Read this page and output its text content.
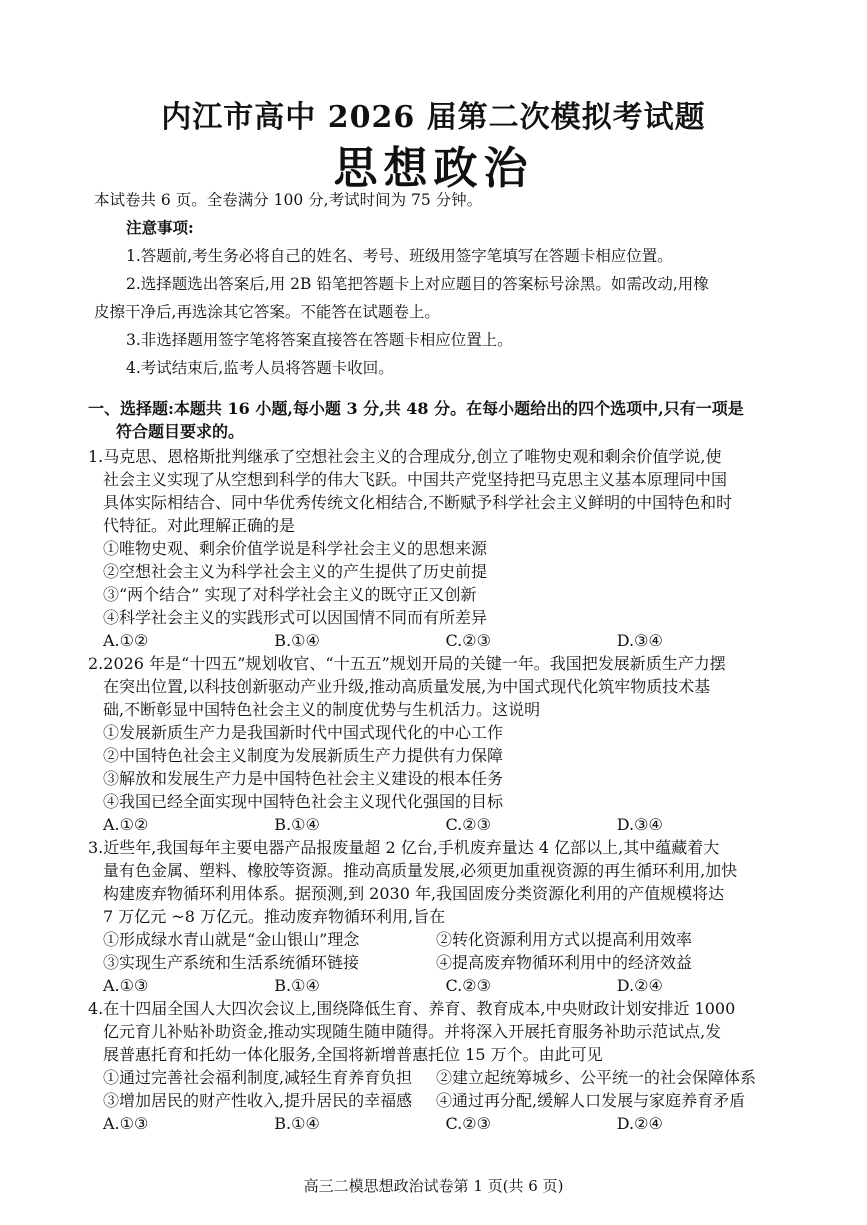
内江市高中 2026 届第二次模拟考试题
思想政治

本试卷共 6 页。全卷满分 100 分,考试时间为 75 分钟。

注意事项:

1.答题前,考生务必将自己的姓名、考号、班级用签字笔填写在答题卡相应位置。

2.选择题选出答案后,用 2B 铅笔把答题卡上对应题目的答案标号涂黑。如需改动,用橡

皮擦干净后,再选涂其它答案。不能答在试题卷上。

3.非选择题用签字笔将答案直接答在答题卡相应位置上。

4.考试结束后,监考人员将答题卡收回。

一、选择题:本题共 16 小题,每小题 3 分,共 48 分。在每小题给出的四个选项中,只有一项是
符合题目要求的。

1.马克思、恩格斯批判继承了空想社会主义的合理成分,创立了唯物史观和剩余价值学说,使

社会主义实现了从空想到科学的伟大飞跃。中国共产党坚持把马克思主义基本原理同中国

具体实际相结合、同中华优秀传统文化相结合,不断赋予科学社会主义鲜明的中国特色和时

代特征。对此理解正确的是

①唯物史观、剩余价值学说是科学社会主义的思想来源

②空想社会主义为科学社会主义的产生提供了历史前提

③“两个结合” 实现了对科学社会主义的既守正又创新

④科学社会主义的实践形式可以因国情不同而有所差异

A.①②	B.①④	C.②③	D.③④

2.2026 年是“十四五”规划收官、“十五五”规划开局的关键一年。我国把发展新质生产力摆

在突出位置,以科技创新驱动产业升级,推动高质量发展,为中国式现代化筑牢物质技术基

础,不断彰显中国特色社会主义的制度优势与生机活力。这说明

①发展新质生产力是我国新时代中国式现代化的中心工作

②中国特色社会主义制度为发展新质生产力提供有力保障

③解放和发展生产力是中国特色社会主义建设的根本任务

④我国已经全面实现中国特色社会主义现代化强国的目标

A.①②	B.①④	C.②③	D.③④

3.近些年,我国每年主要电器产品报废量超 2 亿台,手机废弃量达 4 亿部以上,其中蕴藏着大

量有色金属、塑料、橡胶等资源。推动高质量发展,必须更加重视资源的再生循环利用,加快

构建废弃物循环利用体系。据预测,到 2030 年,我国固废分类资源化利用的产值规模将达

7 万亿元 ~8 万亿元。推动废弃物循环利用,旨在

①形成绿水青山就是“金山银山”理念	②转化资源利用方式以提高利用效率
③实现生产系统和生活系统循环链接	④提高废弃物循环利用中的经济效益
A.①③	B.①④	C.②③	D.②④

4.在十四届全国人大四次会议上,围绕降低生育、养育、教育成本,中央财政计划安排近 1000

亿元育儿补贴补助资金,推动实现随生随申随得。并将深入开展托育服务补助示范试点,发

展普惠托育和托幼一体化服务,全国将新增普惠托位 15 万个。由此可见

①通过完善社会福利制度,减轻生育养育负担	②建立起统筹城乡、公平统一的社会保障体系
③增加居民的财产性收入,提升居民的幸福感	④通过再分配,缓解人口发展与家庭养育矛盾
A.①③	B.①④	C.②③	D.②④
高三二模思想政治试卷第 1 页(共 6 页)
